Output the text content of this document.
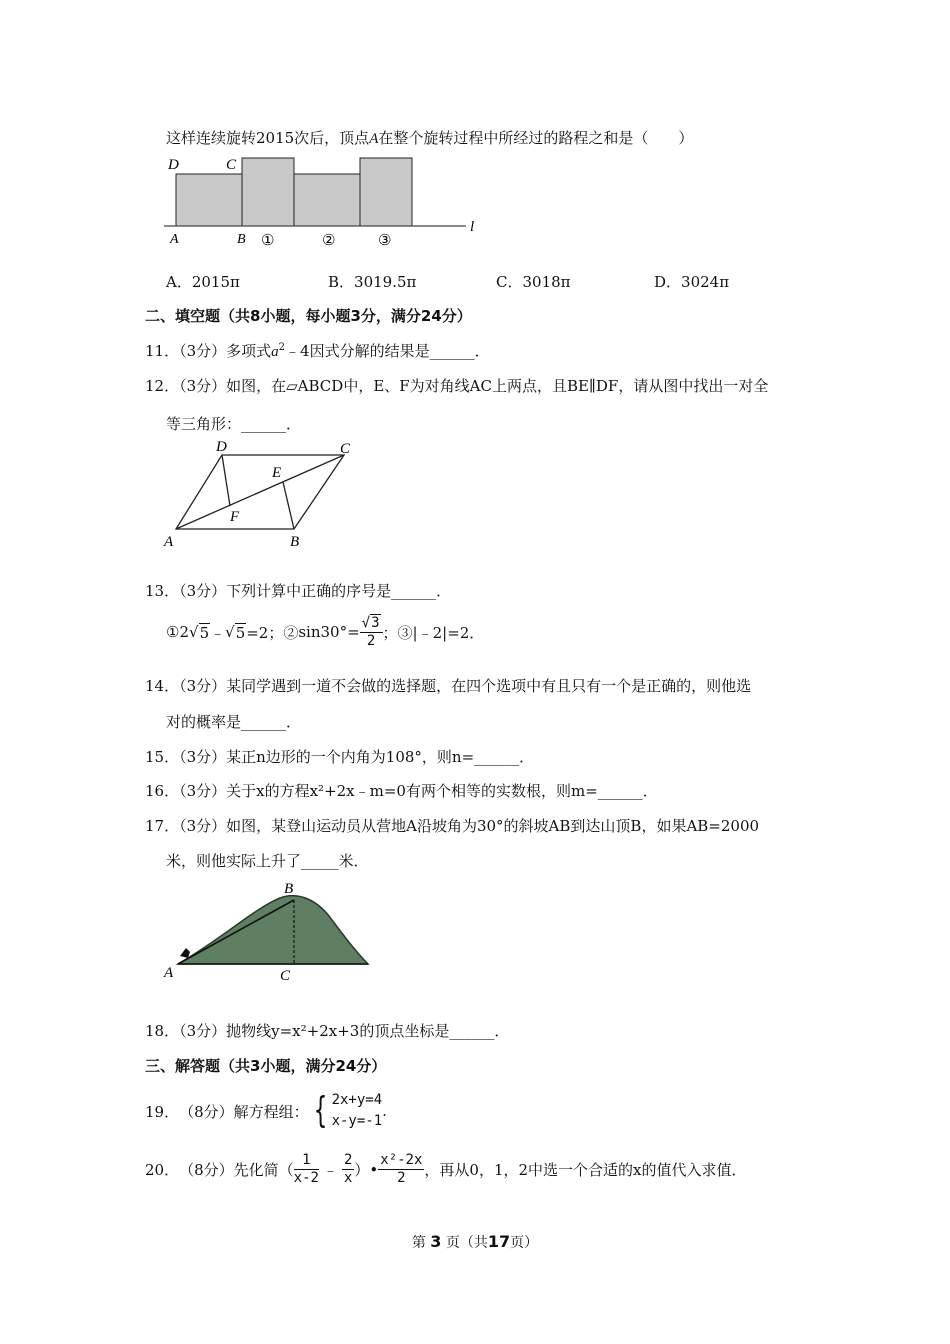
这样连续旋转2015次后，顶点A在整个旋转过程中所经过的路程之和是（　　）
D	C
A	B
l
①	②	③
A．2015π	B．3019.5π	C．3018π	D．3024π
二、填空题（共8小题，每小题3分，满分24分）
11．（3分）多项式$a^2﹣4$因式分解的结果是______．
12．（3分）如图，在▱ABCD中，E、F为对角线AC上两点，且BE∥DF，请从图中找出一对全
等三角形：______．
D	C
E
F
A	B
13．（3分）下列计算中正确的序号是______．
①2 √ 5 ﹣ √ 5 =2；② $\sin 30^\circ= \frac{√3}{2}$ ；③|﹣2|=2．
14．（3分）某同学遇到一道不会做的选择题，在四个选项中有且只有一个是正确的，则他选
对的概率是______．
15．（3分）某正n边形的一个内角为108°，则n=______．
16．（3分）关于x的方程x²+2x﹣m=0有两个相等的实数根，则m=______．
17．（3分）如图，某登山运动员从营地A沿坡角为30°的斜坡AB到达山顶B，如果AB=2000
米，则他实际上升了_____米．
A
B
C
18．（3分）抛物线y=x²+2x+3的顶点坐标是______．
三、解答题（共3小题，满分24分）
19． （8分） 解方程组： { 2x+y=4
x-y=-1
.
20． （8分） 先化简（ $\frac{1}{x-2}$ ﹣ $\frac{2}{x}$ ）• $\frac{\text{x²-2x}}{2}$ ，再从0，1，2中选一个合适的x的值代入求值．
第 3 页（共17页）
